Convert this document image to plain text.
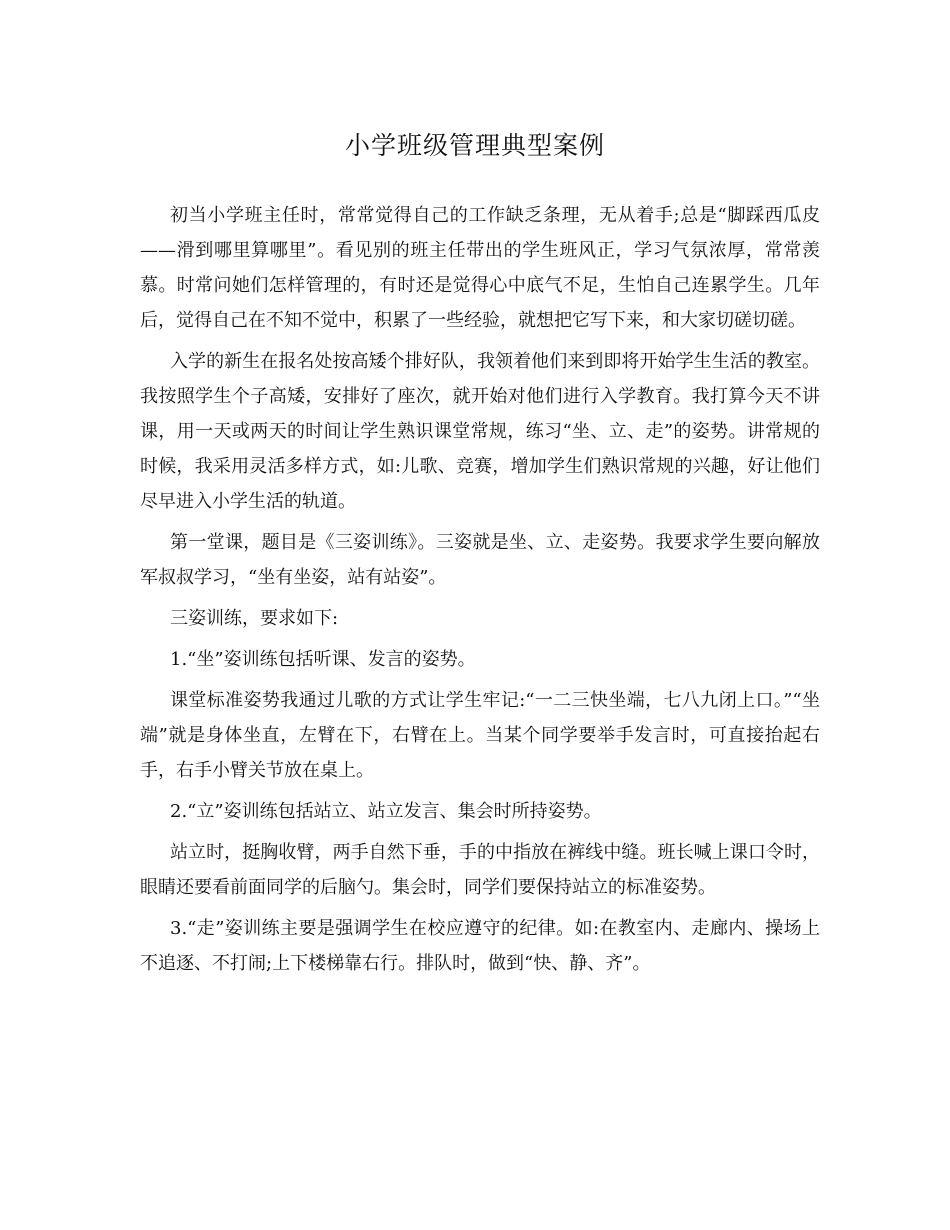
小学班级管理典型案例

初当小学班主任时，常常觉得自己的工作缺乏条理，无从着手;总是“脚踩西瓜皮——滑到哪里算哪里”。看见别的班主任带出的学生班风正，学习气氛浓厚，常常羡慕。时常问她们怎样管理的，有时还是觉得心中底气不足，生怕自己连累学生。几年后，觉得自己在不知不觉中，积累了一些经验，就想把它写下来，和大家切磋切磋。

入学的新生在报名处按高矮个排好队，我领着他们来到即将开始学生生活的教室。我按照学生个子高矮，安排好了座次，就开始对他们进行入学教育。我打算今天不讲课，用一天或两天的时间让学生熟识课堂常规，练习“坐、立、走”的姿势。讲常规的时候，我采用灵活多样方式，如:儿歌、竞赛，增加学生们熟识常规的兴趣，好让他们尽早进入小学生活的轨道。

第一堂课，题目是《三姿训练》。三姿就是坐、立、走姿势。我要求学生要向解放军叔叔学习，“坐有坐姿，站有站姿”。

三姿训练，要求如下:

1.“坐”姿训练包括听课、发言的姿势。

课堂标准姿势我通过儿歌的方式让学生牢记:“一二三快坐端，七八九闭上口。”“坐端”就是身体坐直，左臂在下，右臂在上。当某个同学要举手发言时，可直接抬起右手，右手小臂关节放在桌上。

2.“立”姿训练包括站立、站立发言、集会时所持姿势。

站立时，挺胸收臂，两手自然下垂，手的中指放在裤线中缝。班长喊上课口令时，眼睛还要看前面同学的后脑勺。集会时，同学们要保持站立的标准姿势。

3.“走”姿训练主要是强调学生在校应遵守的纪律。如:在教室内、走廊内、操场上不追逐、不打闹;上下楼梯靠右行。排队时，做到“快、静、齐”。
